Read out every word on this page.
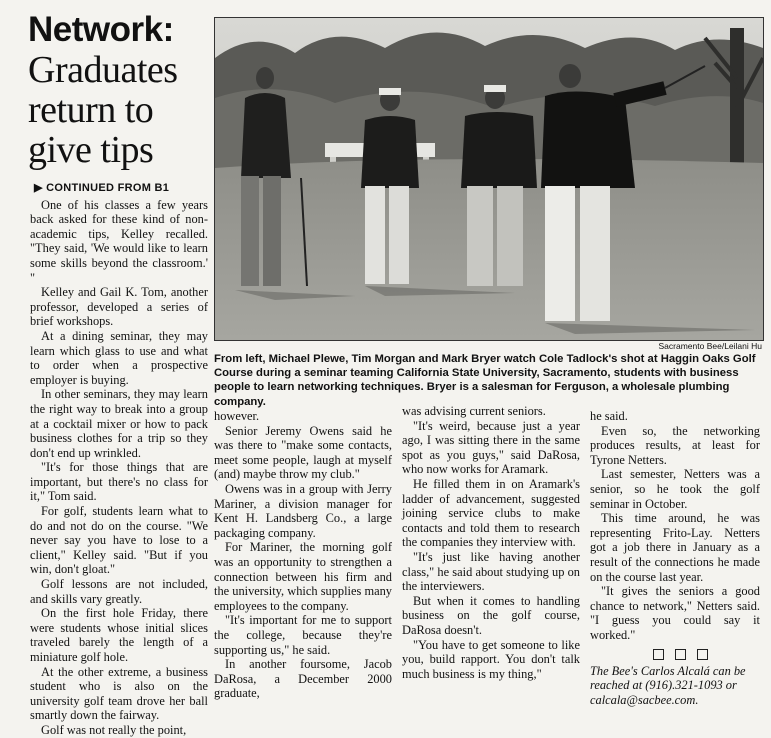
Network:
Graduates return to give tips

▶ CONTINUED FROM B1

One of his classes a few years back asked for these kind of non-academic tips, Kelley recalled. "They said, 'We would like to learn some skills beyond the classroom.' "

Kelley and Gail K. Tom, another professor, developed a series of brief workshops.

At a dining seminar, they may learn which glass to use and what to order when a prospective employer is buying.

In other seminars, they may learn the right way to break into a group at a cocktail mixer or how to pack business clothes for a trip so they don't end up wrinkled.

"It's for those things that are important, but there's no class for it," Tom said.

For golf, students learn what to do and not do on the course. "We never say you have to lose to a client," Kelley said. "But if you win, don't gloat."

Golf lessons are not included, and skills vary greatly.

On the first hole Friday, there were students whose initial slices traveled barely the length of a miniature golf hole.

At the other extreme, a business student who is also on the university golf team drove her ball smartly down the fairway.

Golf was not really the point,

Sacramento Bee/Leilani Hu
From left, Michael Plewe, Tim Morgan and Mark Bryer watch Cole Tadlock's shot at Haggin Oaks Golf Course during a seminar teaming California State University, Sacramento, students with business people to learn networking techniques. Bryer is a salesman for Ferguson, a wholesale plumbing company.

however.

Senior Jeremy Owens said he was there to "make some contacts, meet some people, laugh at myself (and) maybe throw my club."

Owens was in a group with Jerry Mariner, a division manager for Kent H. Landsberg Co., a large packaging company.

For Mariner, the morning golf was an opportunity to strengthen a connection between his firm and the university, which supplies many employees to the company.

"It's important for me to support the college, because they're supporting us," he said.

In another foursome, Jacob DaRosa, a December 2000 graduate,

was advising current seniors.

"It's weird, because just a year ago, I was sitting there in the same spot as you guys," said DaRosa, who now works for Aramark.

He filled them in on Aramark's ladder of advancement, suggested joining service clubs to make contacts and told them to research the companies they interview with.

"It's just like having another class," he said about studying up on the interviewers.

But when it comes to handling business on the golf course, DaRosa doesn't.

"You have to get someone to like you, build rapport. You don't talk much business is my thing,"

he said.

Even so, the networking produces results, at least for Tyrone Netters.

Last semester, Netters was a senior, so he took the golf seminar in October.

This time around, he was representing Frito-Lay. Netters got a job there in January as a result of the connections he made on the course last year.

"It gives the seniors a good chance to network," Netters said. "I guess you could say it worked."

The Bee's Carlos Alcalá can be reached at (916).321-1093 or calcala@sacbee.com.
